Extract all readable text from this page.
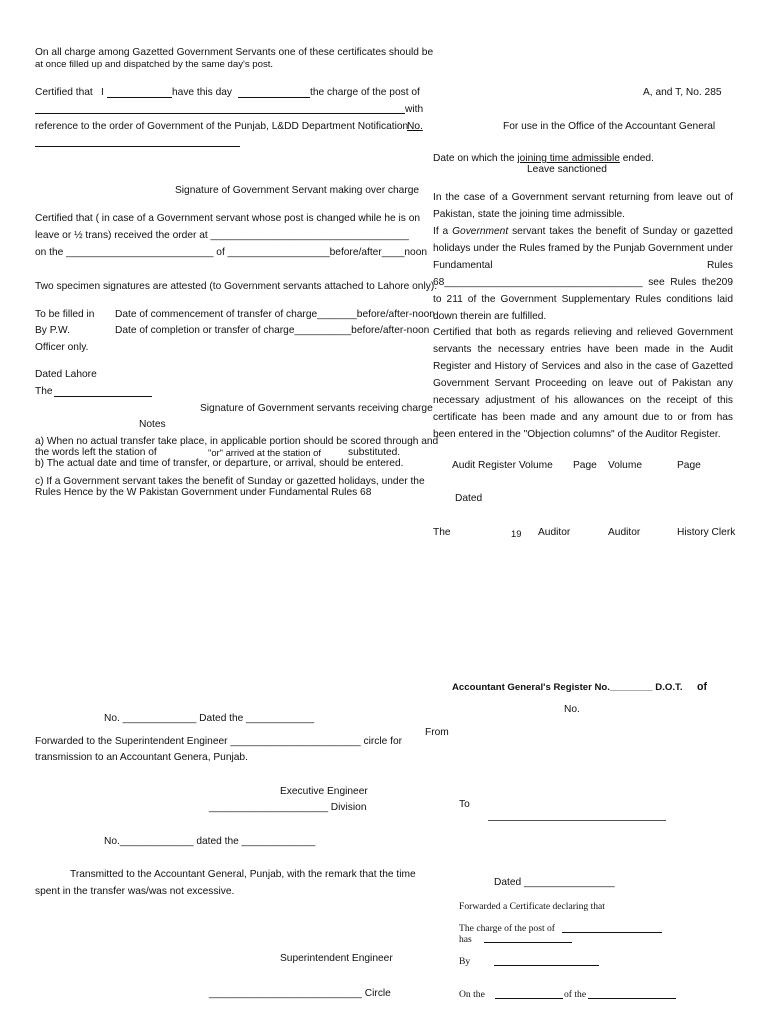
On all charge among Gazetted Government Servants one of these certificates should be
at once filled up and dispatched by the same day's post.
Certified that I	have this day	the charge of the post of
with
reference to the order of Government of the Punjab, L&DD Department Notification
No.
Signature of Government Servant making over charge
Certified that ( in case of a Government servant whose post is changed while he is on
leave or ½ trans) received the order at ___________________________________
on the __________________________ of __________________before/after____noon
Two specimen signatures are attested (to Government servants attached to Lahore only).
To be filled in
By P.W.
Officer only.
Date of commencement of transfer of charge_______before/after-noon
Date of completion or transfer of charge__________before/after-noon
Dated Lahore
The
Signature of Government servants receiving charge
Notes
a) When no actual transfer take place, in applicable portion should be scored through and
the words left the station of	"or" arrived at the station of	substituted.
b) The actual date and time of transfer, or departure, or arrival, should be entered.
c) If a Government servant takes the benefit of Sunday or gazetted holidays, under the
Rules Hence by the W Pakistan Government under Fundamental Rules 68
A, and T, No. 285
For use in the Office of the Accountant General
Date on which the joining time admissible ended.
Leave sanctioned
In the case of a Government servant returning from leave out of Pakistan, state the joining time admissible.
If a Government servant takes the benefit of Sunday or gazetted holidays under the Rules framed by the Punjab Government under Fundamental Rules 68___________________________________ see Rules the209 to 211 of the Government Supplementary Rules conditions laid down therein are fulfilled.
Certified that both as regards relieving and relieved Government servants the necessary entries have been made in the Audit Register and History of Services and also in the case of Gazetted Government Servant Proceeding on leave out of Pakistan any necessary adjustment of his allowances on the receipt of this certificate has been made and any amount due to or from has been entered in the "Objection columns" of the Auditor Register.
Audit Register Volume Page Volume	Page
Dated
The	19 Auditor	Auditor	History Clerk
No. _____________ Dated the ____________
Forwarded to the Superintendent Engineer _______________________ circle for
transmission to an Accountant Genera, Punjab.
Executive Engineer
_____________________ Division
No._____________ dated the _____________
Transmitted to the Accountant General, Punjab, with the remark that the time
spent in the transfer was/was not excessive.
Superintendent Engineer
___________________________ Circle
Accountant General's Register No.________ D.O.T. of
No.
From
To
Dated ________________
Forwarded a Certificate declaring that
The charge of the post of
has
By
On the	of the
